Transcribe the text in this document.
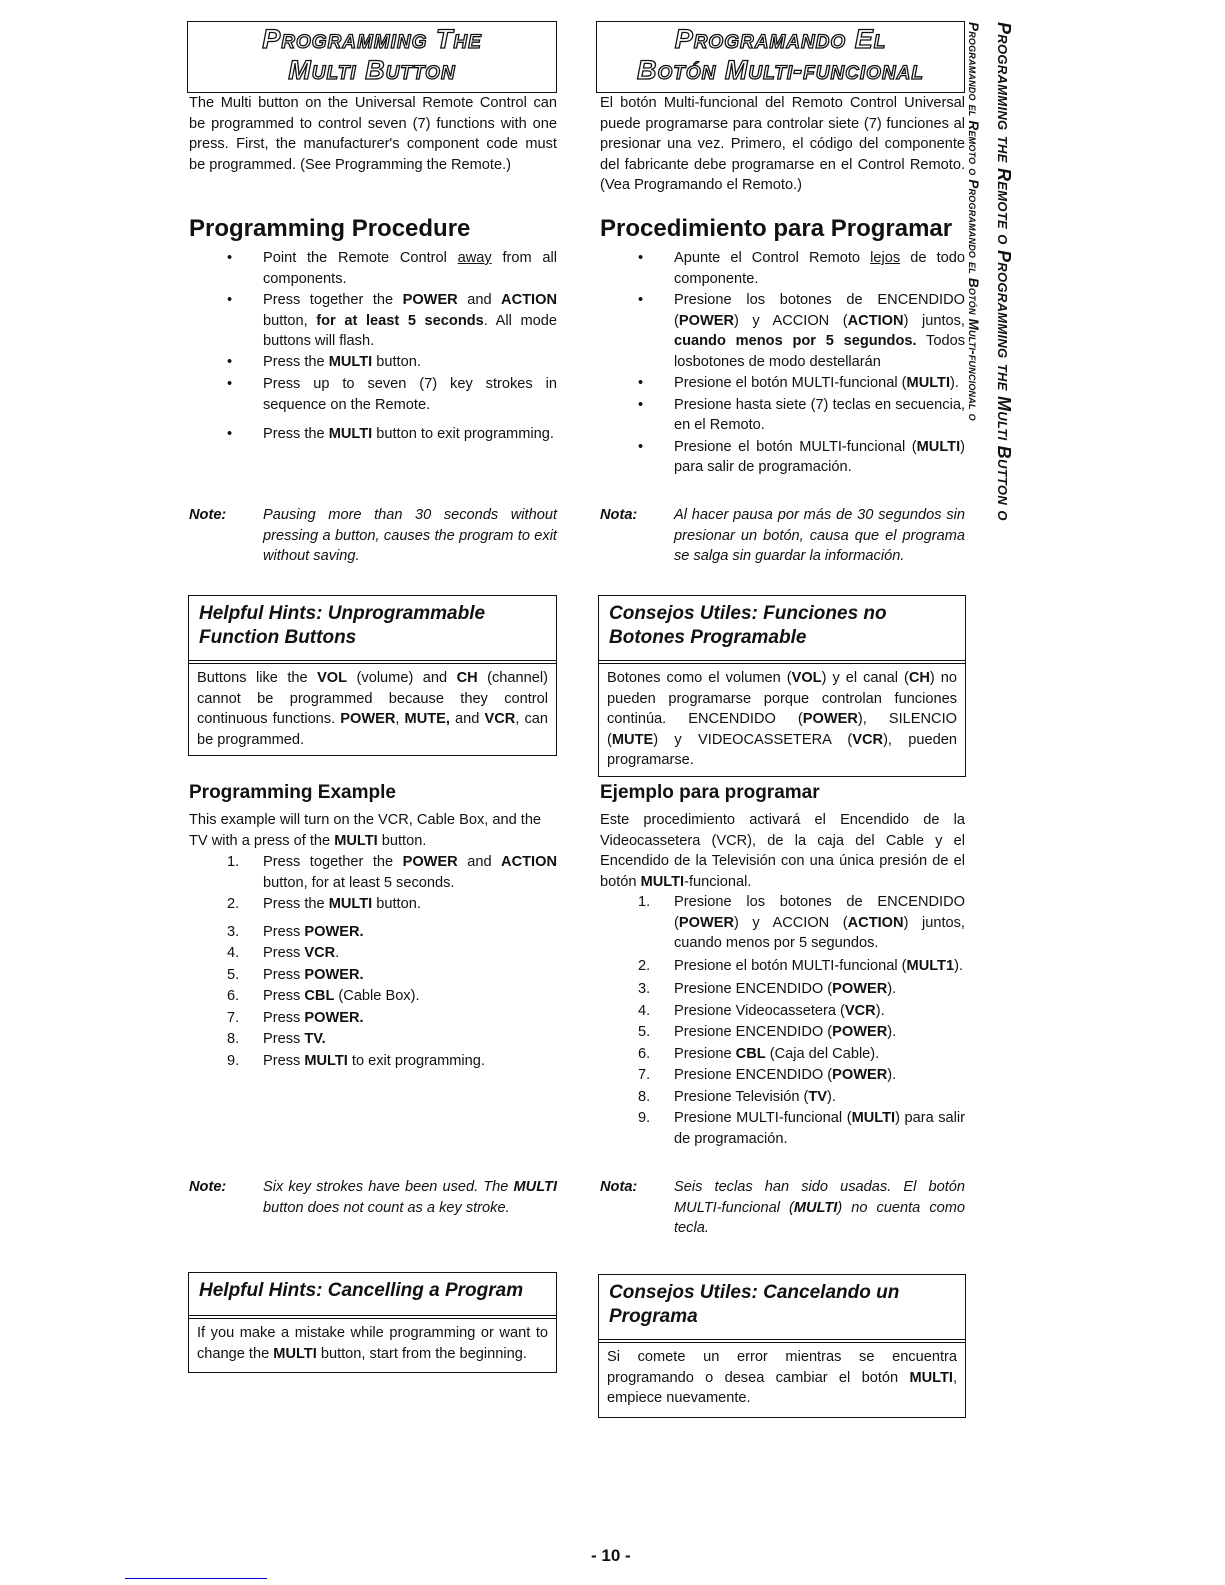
Programming The
Multi Button
The Multi button on the Universal Remote Control can be programmed to control seven (7) functions with one press. First, the manufacturer's component code must be programmed. (See Programming the Remote.)
Programming Procedure
• Point the Remote Control away from all components.
• Press together the POWER and ACTION button, for at least 5 seconds. All mode buttons will flash.
• Press the MULTI button.
• Press up to seven (7) key strokes in sequence on the Remote.
• Press the MULTI button to exit programming.
Note:	Pausing more than 30 seconds without pressing a button, causes the program to exit without saving.
Helpful Hints: Unprogrammable Function Buttons
Buttons like the VOL (volume) and CH (channel) cannot be programmed because they control continuous functions. POWER, MUTE, and VCR, can be programmed.
Programming Example
This example will turn on the VCR, Cable Box, and the TV with a press of the MULTI button.
1. Press together the POWER and ACTION button, for at least 5 seconds.
2. Press the MULTI button.
3. Press POWER.
4. Press VCR.
5. Press POWER.
6. Press CBL (Cable Box).
7. Press POWER.
8. Press TV.
9. Press MULTI to exit programming.
Note:	Six key strokes have been used. The MULTI button does not count as a key stroke.
Helpful Hints: Cancelling a Program
If you make a mistake while programming or want to change the MULTI button, start from the beginning.
Programando El
Botón Multi-funcional
El botón Multi-funcional del Remoto Control Universal puede programarse para controlar siete (7) funciones al presionar una vez. Primero, el código del componente del fabricante debe programarse en el Control Remoto. (Vea Programando el Remoto.)
Procedimiento para Programar
• Apunte el Control Remoto lejos de todo componente.
• Presione los botones de ENCENDIDO (POWER) y ACCION (ACTION) juntos, cuando menos por 5 segundos. Todos losbotones de modo destellarán
• Presione el botón MULTI-funcional (MULTI).
• Presione hasta siete (7) teclas en secuencia, en el Remoto.
• Presione el botón MULTI-funcional (MULTI) para salir de programación.
Nota:	Al hacer pausa por más de 30 segundos sin presionar un botón, causa que el programa se salga sin guardar la información.
Consejos Utiles: Funciones no Botones Programable
Botones como el volumen (VOL) y el canal (CH) no pueden programarse porque controlan funciones continúa. ENCENDIDO (POWER), SILENCIO (MUTE) y VIDEOCASSETERA (VCR), pueden programarse.
Ejemplo para programar
Este procedimiento activará el Encendido de la Videocassetera (VCR), de la caja del Cable y el Encendido de la Televisión con una única presión de el botón MULTI-funcional.
1. Presione los botones de ENCENDIDO (POWER) y ACCION (ACTION) juntos, cuando menos por 5 segundos.
2. Presione el botón MULTI-funcional (MULT1).
3. Presione ENCENDIDO (POWER).
4. Presione Videocassetera (VCR).
5. Presione ENCENDIDO (POWER).
6. Presione CBL (Caja del Cable).
7. Presione ENCENDIDO (POWER).
8. Presione Televisión (TV).
9. Presione MULTI-funcional (MULTI) para salir de programación.
Nota:	Seis teclas han sido usadas. El botón MULTI-funcional (MULTI) no cuenta como tecla.
Consejos Utiles: Cancelando un Programa
Si comete un error mientras se encuentra programando o desea cambiar el botón MULTI, empiece nuevamente.
Programando el Remoto o Programando el Botón Multi-funcional o Programming the Remote o Programming the Multi Button o
- 10 -
